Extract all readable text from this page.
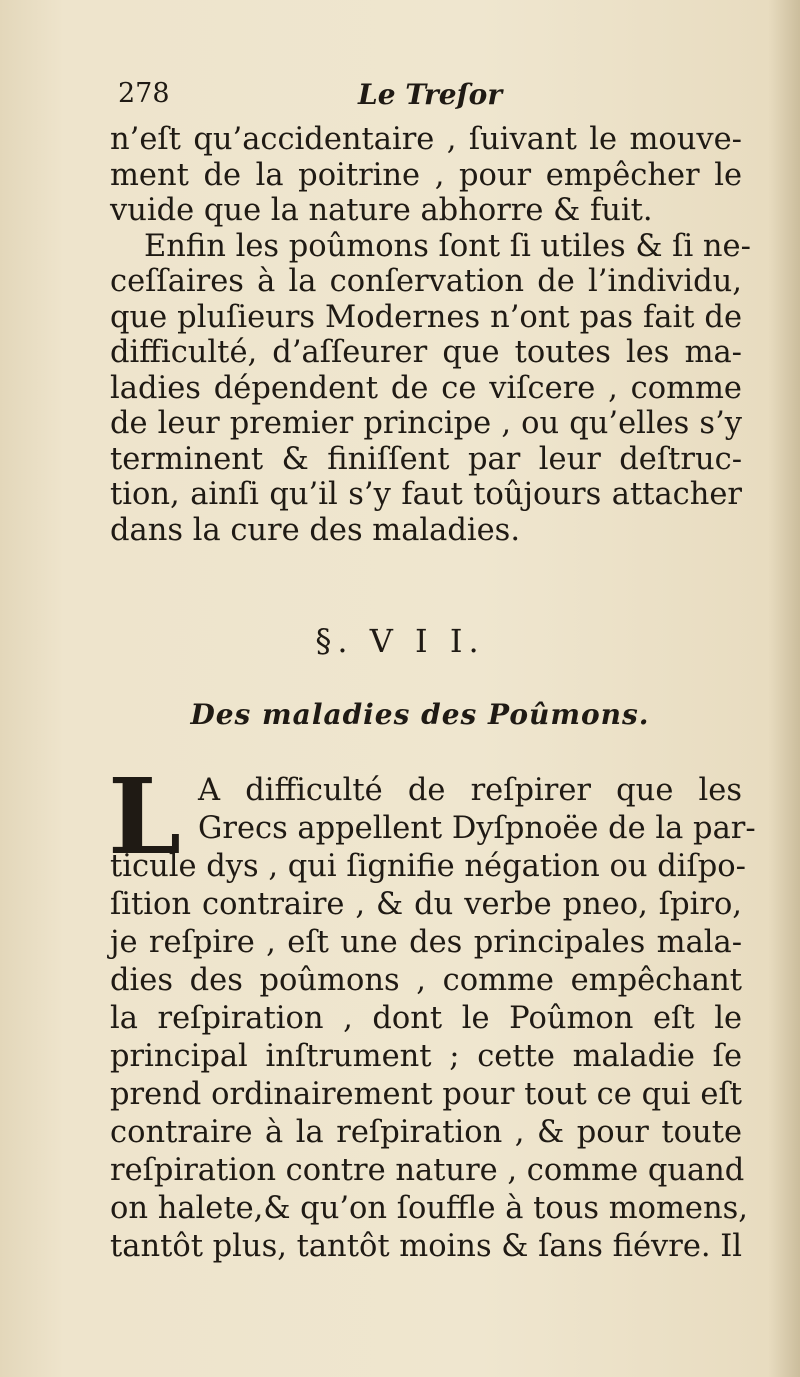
278	Le Treſor
n’eſt qu’accidentaire , ſuivant le mouve-
ment de la poitrine , pour empêcher le
vuide que la nature abhorre & fuit.
Enfin les poûmons ſont ſi utiles & ſi ne-
ceſſaires à la conſervation de l’individu,
que pluſieurs Modernes n’ont pas fait de
difficulté, d’aſſeurer que toutes les ma-
ladies dépendent de ce viſcere , comme
de leur premier principe , ou qu’elles s’y
terminent & finiſſent par leur deſtruc-
tion, ainſi qu’il s’y faut toûjours attacher
dans la cure des maladies.
§. V I I.
Des maladies des Poûmons.
L A difficulté de reſpirer que les
Grecs appellent Dyſpnoëe de la par-
ticule dys , qui ſignifie négation ou diſpo-
ſition contraire , & du verbe pneo, ſpiro,
je reſpire , eſt une des principales mala-
dies des poûmons , comme empêchant
la reſpiration , dont le Poûmon eſt le
principal inſtrument ; cette maladie ſe
prend ordinairement pour tout ce qui eſt
contraire à la reſpiration , & pour toute
reſpiration contre nature , comme quand
on halete,& qu’on ſouffle à tous momens,
tantôt plus, tantôt moins & ſans fiévre. Il
